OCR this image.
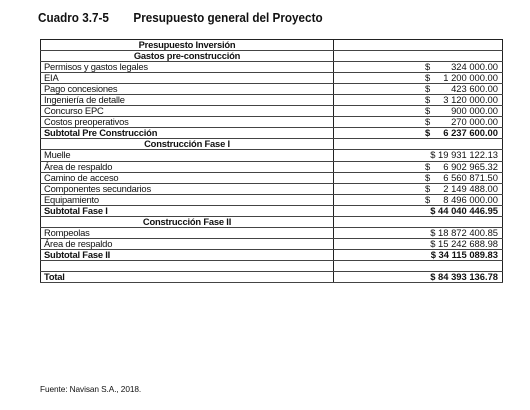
Cuadro 3.7-5 Presupuesto general del Proyecto
Presupuesto Inversión	
Gastos pre-construcción	
Permisos y gastos legales	$ 324 000.00
EIA	$ 1 200 000.00
Pago concesiones	$ 423 600.00
Ingeniería de detalle	$ 3 120 000.00
Concurso EPC	$ 900 000.00
Costos preoperativos	$ 270 000.00
Subtotal Pre Construcción	$ 6 237 600.00
Construcción Fase I	
Muelle	$ 19 931 122.13
Área de respaldo	$ 6 902 965.32
Camino de acceso	$ 6 560 871.50
Componentes secundarios	$ 2 149 488.00
Equipamiento	$ 8 496 000.00
Subtotal Fase I	$ 44 040 446.95
Construcción Fase II	
Rompeolas	$ 18 872 400.85
Área de respaldo	$ 15 242 688.98
Subtotal Fase II	$ 34 115 089.83

Total	$ 84 393 136.78
Fuente: Navisan S.A., 2018.
